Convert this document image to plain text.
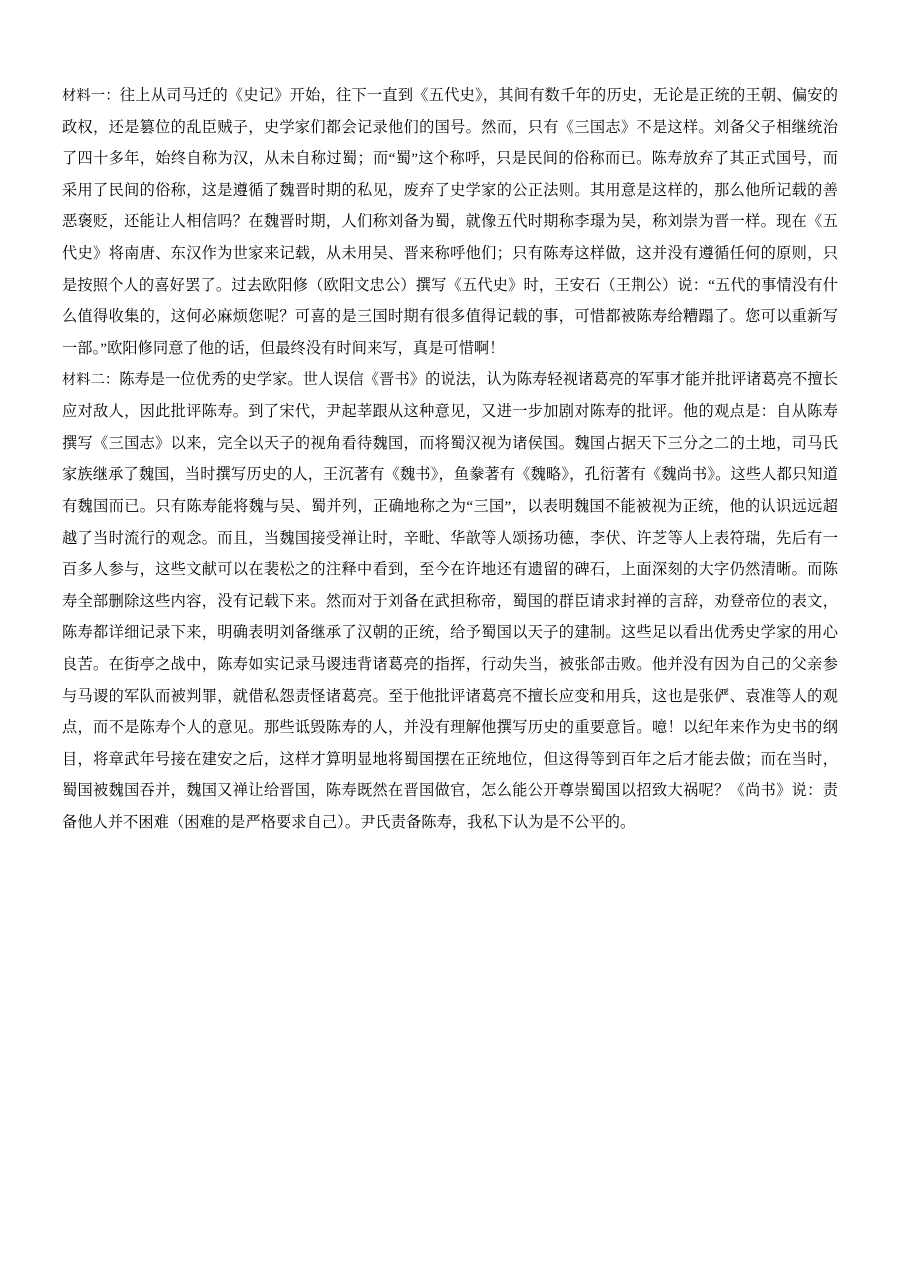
材料一：往上从司马迁的《史记》开始，往下一直到《五代史》，其间有数千年的历史，无论是正统的王朝、偏安的政权，还是篡位的乱臣贼子，史学家们都会记录他们的国号。然而，只有《三国志》不是这样。刘备父子相继统治了四十多年，始终自称为汉，从未自称过蜀；而“蜀”这个称呼，只是民间的俗称而已。陈寿放弃了其正式国号，而采用了民间的俗称，这是遵循了魏晋时期的私见，废弃了史学家的公正法则。其用意是这样的，那么他所记载的善恶褒贬，还能让人相信吗？在魏晋时期，人们称刘备为蜀，就像五代时期称李璟为吴，称刘崇为晋一样。现在《五代史》将南唐、东汉作为世家来记载，从未用吴、晋来称呼他们；只有陈寿这样做，这并没有遵循任何的原则，只是按照个人的喜好罢了。过去欧阳修（欧阳文忠公）撰写《五代史》时，王安石（王荆公）说：“五代的事情没有什么值得收集的，这何必麻烦您呢？可喜的是三国时期有很多值得记载的事，可惜都被陈寿给糟蹋了。您可以重新写一部。”欧阳修同意了他的话，但最终没有时间来写，真是可惜啊！

材料二：陈寿是一位优秀的史学家。世人误信《晋书》的说法，认为陈寿轻视诸葛亮的军事才能并批评诸葛亮不擅长应对敌人，因此批评陈寿。到了宋代，尹起莘跟从这种意见，又进一步加剧对陈寿的批评。他的观点是：自从陈寿撰写《三国志》以来，完全以天子的视角看待魏国，而将蜀汉视为诸侯国。魏国占据天下三分之二的土地，司马氏家族继承了魏国，当时撰写历史的人，王沉著有《魏书》，鱼豢著有《魏略》，孔衍著有《魏尚书》。这些人都只知道有魏国而已。只有陈寿能将魏与吴、蜀并列，正确地称之为“三国”，以表明魏国不能被视为正统，他的认识远远超越了当时流行的观念。而且，当魏国接受禅让时，辛毗、华歆等人颂扬功德，李伏、许芝等人上表符瑞，先后有一百多人参与，这些文献可以在裴松之的注释中看到，至今在许地还有遗留的碑石，上面深刻的大字仍然清晰。而陈寿全部删除这些内容，没有记载下来。然而对于刘备在武担称帝，蜀国的群臣请求封禅的言辞，劝登帝位的表文，陈寿都详细记录下来，明确表明刘备继承了汉朝的正统，给予蜀国以天子的建制。这些足以看出优秀史学家的用心良苦。在街亭之战中，陈寿如实记录马谡违背诸葛亮的指挥，行动失当，被张郃击败。他并没有因为自己的父亲参与马谡的军队而被判罪，就借私怨责怪诸葛亮。至于他批评诸葛亮不擅长应变和用兵，这也是张俨、袁准等人的观点，而不是陈寿个人的意见。那些诋毁陈寿的人，并没有理解他撰写历史的重要意旨。噫！以纪年来作为史书的纲目，将章武年号接在建安之后，这样才算明显地将蜀国摆在正统地位，但这得等到百年之后才能去做；而在当时，蜀国被魏国吞并，魏国又禅让给晋国，陈寿既然在晋国做官，怎么能公开尊崇蜀国以招致大祸呢？《尚书》说：责备他人并不困难（困难的是严格要求自己）。尹氏责备陈寿，我私下认为是不公平的。
